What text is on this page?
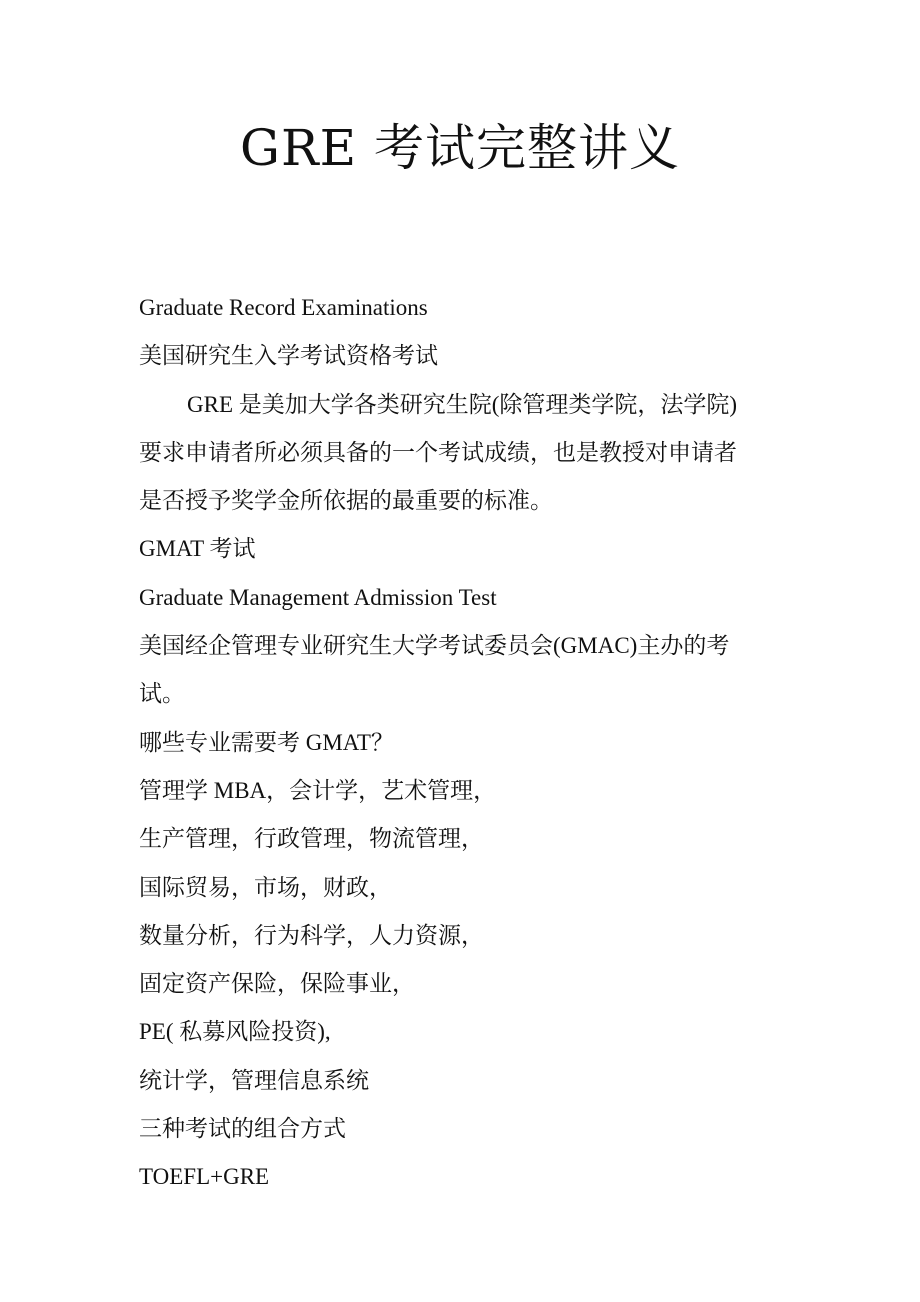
GRE 考试完整讲义
Graduate Record Examinations
美国研究生入学考试资格考试
GRE 是美加大学各类研究生院(除管理类学院，法学院)
要求申请者所必须具备的一个考试成绩，也是教授对申请者
是否授予奖学金所依据的最重要的标准。
GMAT 考试
Graduate Management Admission Test
美国经企管理专业研究生大学考试委员会(GMAC)主办的考
试。
哪些专业需要考 GMAT？
管理学 MBA，会计学，艺术管理，
生产管理，行政管理，物流管理，
国际贸易，市场，财政，
数量分析，行为科学，人力资源，
固定资产保险，保险事业，
PE( 私募风险投资),
统计学，管理信息系统
三种考试的组合方式
TOEFL+GRE
